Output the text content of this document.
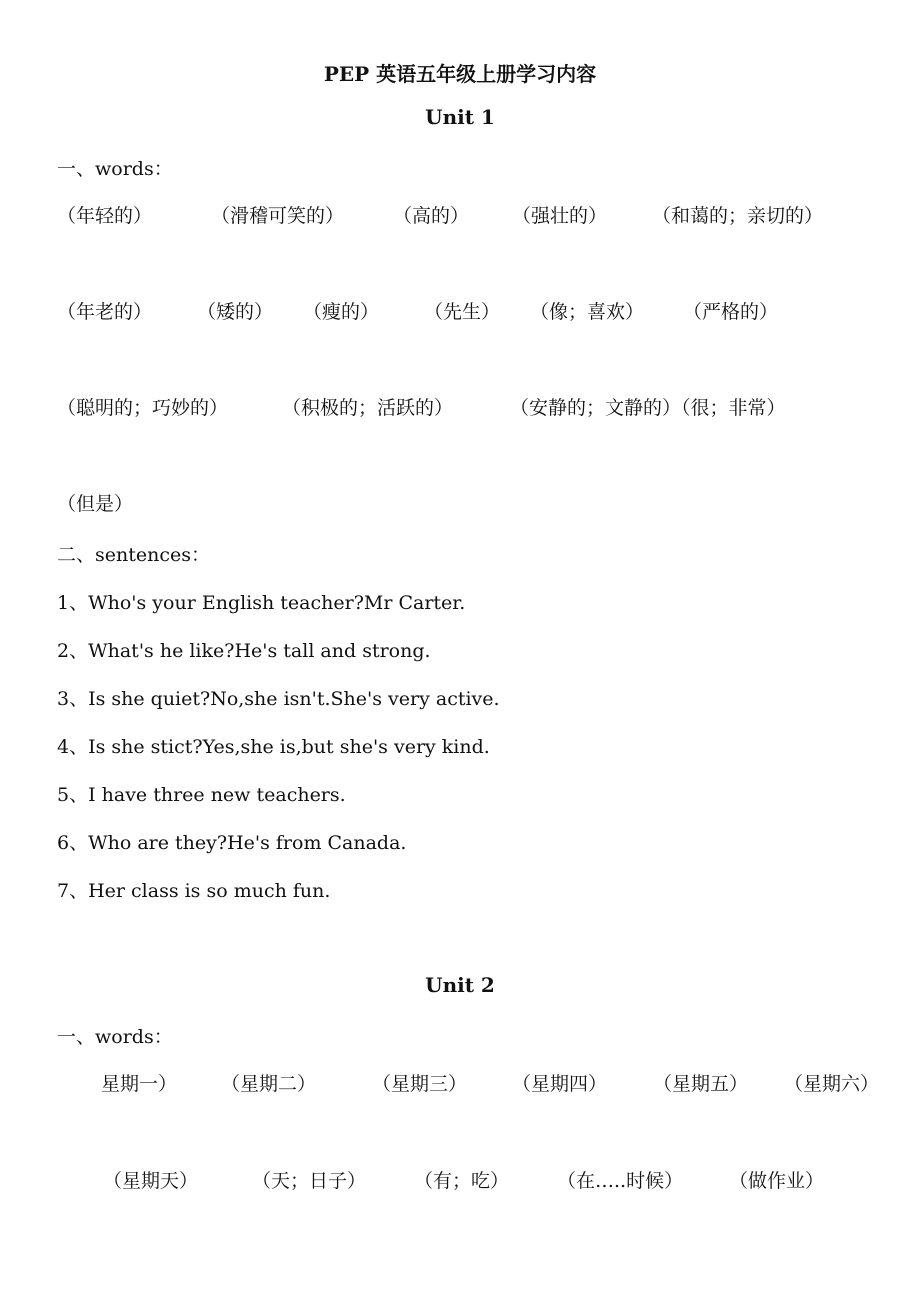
PEP 英语五年级上册学习内容
Unit 1

一、words：

（年轻的）	（滑稽可笑的）	（高的） （强壮的） （和蔼的；亲切的）
（年老的） （矮的） （瘦的） （先生） （像；喜欢） （严格的）
（聪明的；巧妙的）	（积极的；活跃的）	（安静的；文静的）（很；非常）
（但是）

二、sentences：

1、Who's your English teacher?Mr Carter.

2、What's he like?He's tall and strong.

3、Is she quiet?No,she isn't.She's very active.

4、Is she stict?Yes,she is,but she's very kind.

5、I have three new teachers.

6、Who are they?He's from Canada.

7、Her class is so much fun.

Unit 2

一、words：

星期一） （星期二）	（星期三） （星期四） （星期五） （星期六）
（星期天）	（天；日子）	（有；吃）	（在…..时候） （做作业）
